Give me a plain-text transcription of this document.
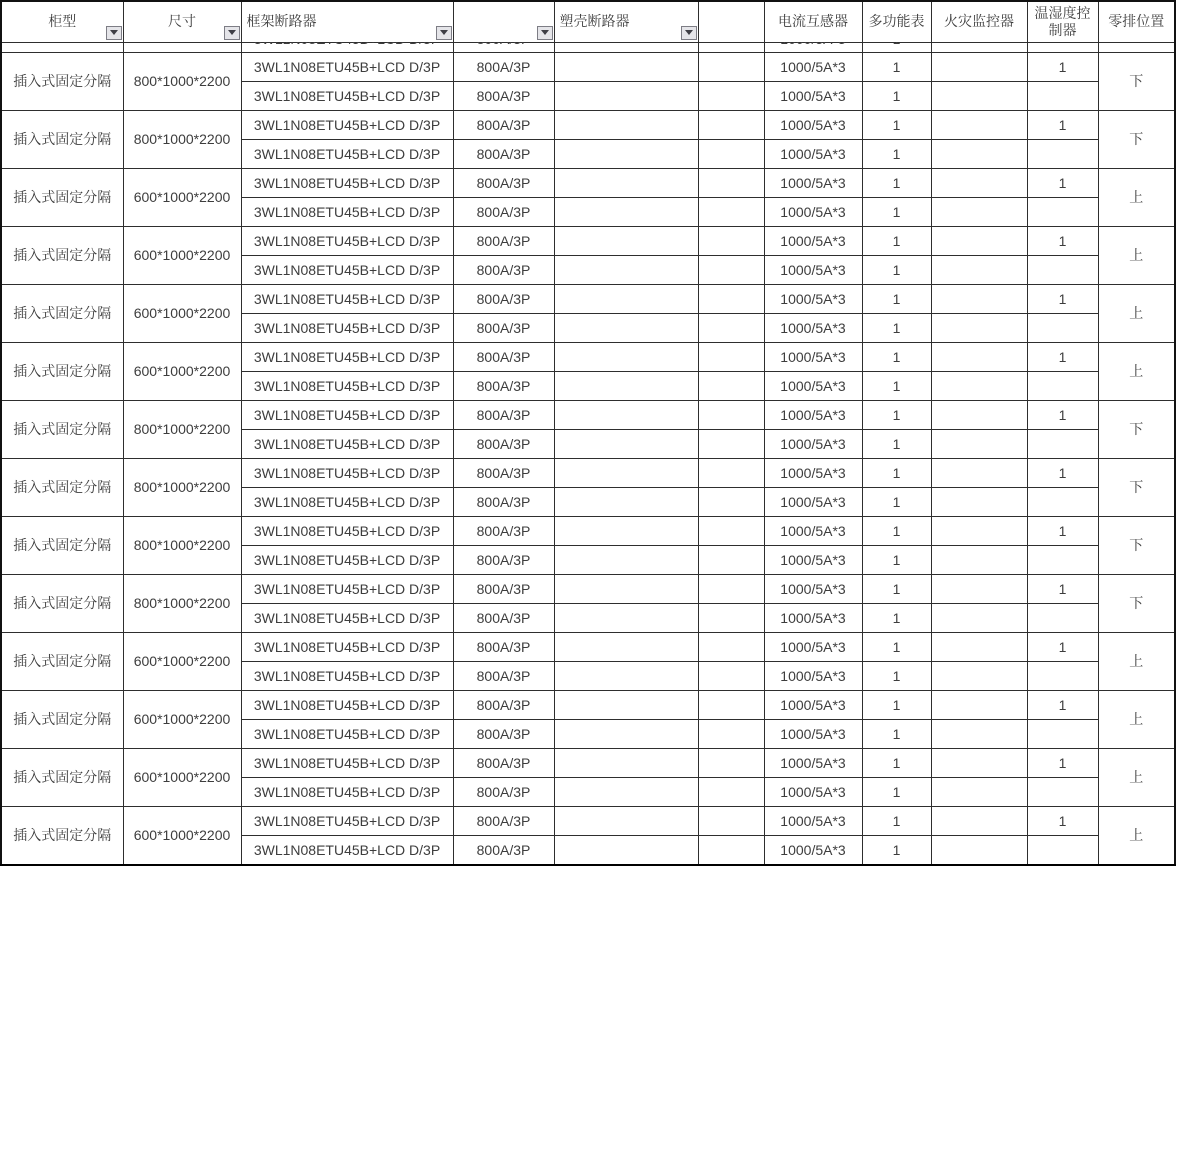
柜型	尺寸	框架断路器		塑壳断路器		电流互感器	多功能表	火灾监控器	温湿度控制器	零排位置

插入式固定分隔	800*1000*2200	3WL1N08ETU45B+LCD D/3P	800A/3P			1000/5A*3	1		1	下
		3WL1N08ETU45B+LCD D/3P	800A/3P			1000/5A*3	1			
插入式固定分隔	800*1000*2200	3WL1N08ETU45B+LCD D/3P	800A/3P			1000/5A*3	1		1	下
		3WL1N08ETU45B+LCD D/3P	800A/3P			1000/5A*3	1			
插入式固定分隔	600*1000*2200	3WL1N08ETU45B+LCD D/3P	800A/3P			1000/5A*3	1		1	上
		3WL1N08ETU45B+LCD D/3P	800A/3P			1000/5A*3	1			
插入式固定分隔	600*1000*2200	3WL1N08ETU45B+LCD D/3P	800A/3P			1000/5A*3	1		1	上
		3WL1N08ETU45B+LCD D/3P	800A/3P			1000/5A*3	1			
插入式固定分隔	600*1000*2200	3WL1N08ETU45B+LCD D/3P	800A/3P			1000/5A*3	1		1	上
		3WL1N08ETU45B+LCD D/3P	800A/3P			1000/5A*3	1			
插入式固定分隔	600*1000*2200	3WL1N08ETU45B+LCD D/3P	800A/3P			1000/5A*3	1		1	上
		3WL1N08ETU45B+LCD D/3P	800A/3P			1000/5A*3	1			
插入式固定分隔	800*1000*2200	3WL1N08ETU45B+LCD D/3P	800A/3P			1000/5A*3	1		1	下
		3WL1N08ETU45B+LCD D/3P	800A/3P			1000/5A*3	1			
插入式固定分隔	800*1000*2200	3WL1N08ETU45B+LCD D/3P	800A/3P			1000/5A*3	1		1	下
		3WL1N08ETU45B+LCD D/3P	800A/3P			1000/5A*3	1			
插入式固定分隔	800*1000*2200	3WL1N08ETU45B+LCD D/3P	800A/3P			1000/5A*3	1		1	下
		3WL1N08ETU45B+LCD D/3P	800A/3P			1000/5A*3	1			
插入式固定分隔	800*1000*2200	3WL1N08ETU45B+LCD D/3P	800A/3P			1000/5A*3	1		1	下
		3WL1N08ETU45B+LCD D/3P	800A/3P			1000/5A*3	1			
插入式固定分隔	600*1000*2200	3WL1N08ETU45B+LCD D/3P	800A/3P			1000/5A*3	1		1	上
		3WL1N08ETU45B+LCD D/3P	800A/3P			1000/5A*3	1			
插入式固定分隔	600*1000*2200	3WL1N08ETU45B+LCD D/3P	800A/3P			1000/5A*3	1		1	上
		3WL1N08ETU45B+LCD D/3P	800A/3P			1000/5A*3	1			
插入式固定分隔	600*1000*2200	3WL1N08ETU45B+LCD D/3P	800A/3P			1000/5A*3	1		1	上
		3WL1N08ETU45B+LCD D/3P	800A/3P			1000/5A*3	1			
插入式固定分隔	600*1000*2200	3WL1N08ETU45B+LCD D/3P	800A/3P			1000/5A*3	1		1	上
		3WL1N08ETU45B+LCD D/3P	800A/3P			1000/5A*3	1			
